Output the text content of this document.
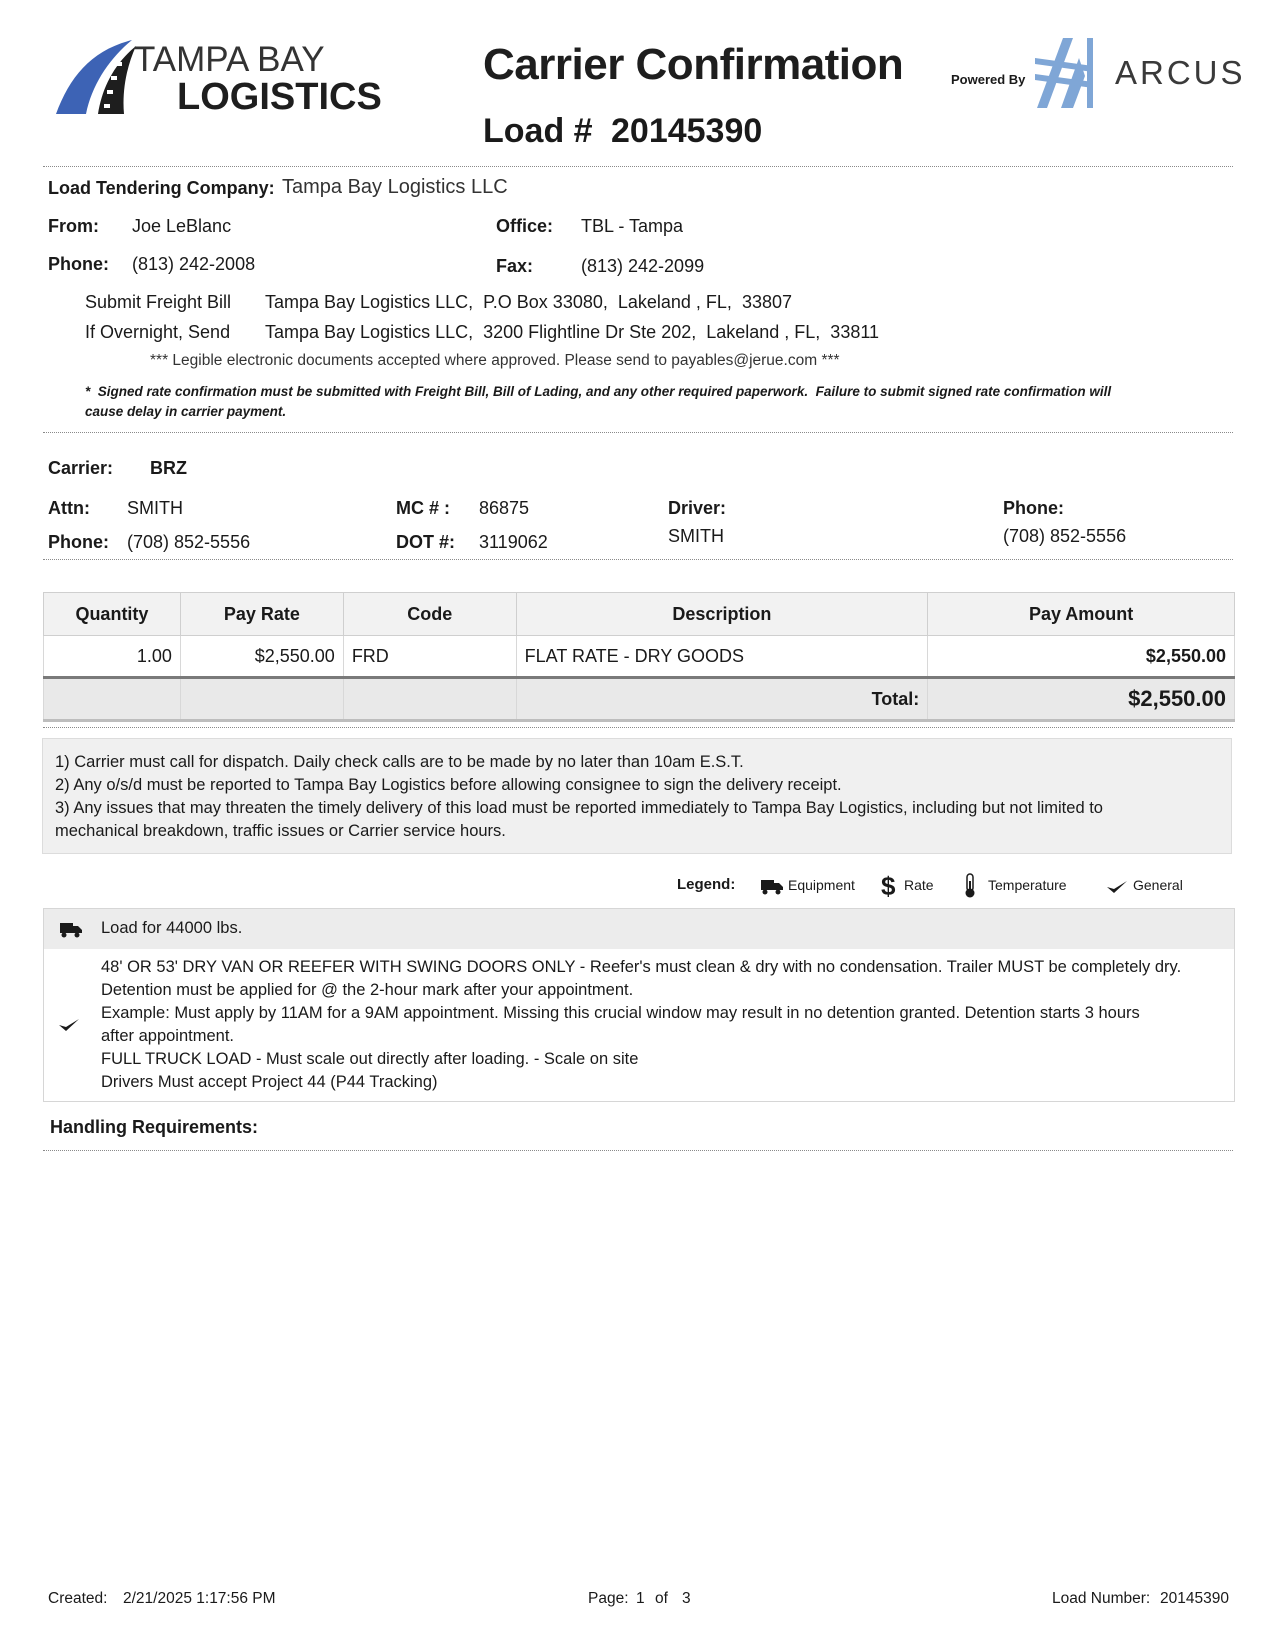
TAMPA BAY
LOGISTICS
Carrier Confirmation
Load # 20145390
Powered By	ARCUS
Load Tendering Company: Tampa Bay Logistics LLC
From: Joe LeBlanc	Office: TBL - Tampa
Phone: (813) 242-2008	Fax:	(813) 242-2099
Submit Freight Bill Tampa Bay Logistics LLC,  P.O Box 33080,  Lakeland , FL,  33807
If Overnight, Send Tampa Bay Logistics LLC,  3200 Flightline Dr Ste 202,  Lakeland , FL,  33811
*** Legible electronic documents accepted where approved. Please send to payables@jerue.com ***
*  Signed rate confirmation must be submitted with Freight Bill, Bill of Lading, and any other required paperwork.  Failure to submit signed rate confirmation will
cause delay in carrier payment.
Carrier: BRZ
Attn: SMITH
Phone: (708) 852-5556
MC # : 86875
DOT #: 3119062
Driver:
SMITH
Phone:
(708) 852-5556
Quantity	Pay Rate	Code	Description	Pay Amount
1.00	$2,550.00	FRD	FLAT RATE - DRY GOODS	$2,550.00
			Total:	$2,550.00
1) Carrier must call for dispatch. Daily check calls are to be made by no later than 10am E.S.T.
2) Any o/s/d must be reported to Tampa Bay Logistics before allowing consignee to sign the delivery receipt.
3) Any issues that may threaten the timely delivery of this load must be reported immediately to Tampa Bay Logistics, including but not limited to
mechanical breakdown, traffic issues or Carrier service hours.
Legend:	Equipment $ Rate	Temperature	General
Load for 44000 lbs.
48' OR 53' DRY VAN OR REEFER WITH SWING DOORS ONLY - Reefer's must clean & dry with no condensation. Trailer MUST be completely dry.
Detention must be applied for @ the 2-hour mark after your appointment.
Example: Must apply by 11AM for a 9AM appointment. Missing this crucial window may result in no detention granted. Detention starts 3 hours
after appointment.
FULL TRUCK LOAD - Must scale out directly after loading. - Scale on site
Drivers Must accept Project 44 (P44 Tracking)
Handling Requirements:
Created: 2/21/2025 1:17:56 PM	Page: 1 of 3	Load Number: 20145390
